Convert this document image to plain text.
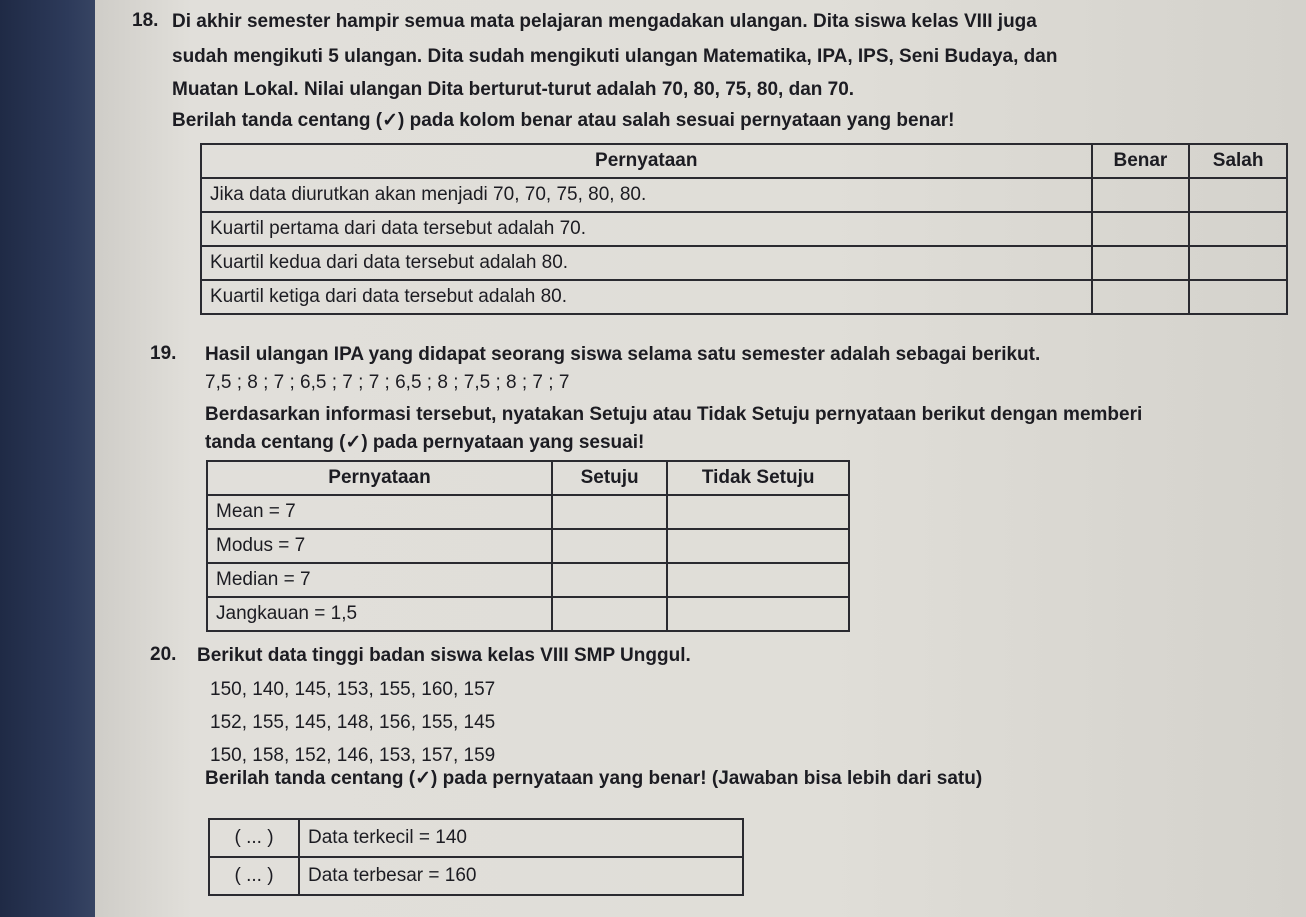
18. Di akhir semester hampir semua mata pelajaran mengadakan ulangan. Dita siswa kelas VIII juga
sudah mengikuti 5 ulangan. Dita sudah mengikuti ulangan Matematika, IPA, IPS, Seni Budaya, dan
Muatan Lokal. Nilai ulangan Dita berturut-turut adalah 70, 80, 75, 80, dan 70.
Berilah tanda centang (✓) pada kolom benar atau salah sesuai pernyataan yang benar!
Pernyataan	Benar	Salah
Jika data diurutkan akan menjadi 70, 70, 75, 80, 80.		
Kuartil pertama dari data tersebut adalah 70.		
Kuartil kedua dari data tersebut adalah 80.		
Kuartil ketiga dari data tersebut adalah 80.		
19. Hasil ulangan IPA yang didapat seorang siswa selama satu semester adalah sebagai berikut.
7,5 ; 8 ; 7 ; 6,5 ; 7 ; 7 ; 6,5 ; 8 ; 7,5 ; 8 ; 7 ; 7
Berdasarkan informasi tersebut, nyatakan Setuju atau Tidak Setuju pernyataan berikut dengan memberi
tanda centang (✓) pada pernyataan yang sesuai!
Pernyataan	Setuju	Tidak Setuju
Mean = 7		
Modus = 7		
Median = 7		
Jangkauan = 1,5		
20. Berikut data tinggi badan siswa kelas VIII SMP Unggul.
150, 140, 145, 153, 155, 160, 157
152, 155, 145, 148, 156, 155, 145
150, 158, 152, 146, 153, 157, 159
Berilah tanda centang (✓) pada pernyataan yang benar! (Jawaban bisa lebih dari satu)
( ... )	Data terkecil = 140
( ... )	Data terbesar = 160
